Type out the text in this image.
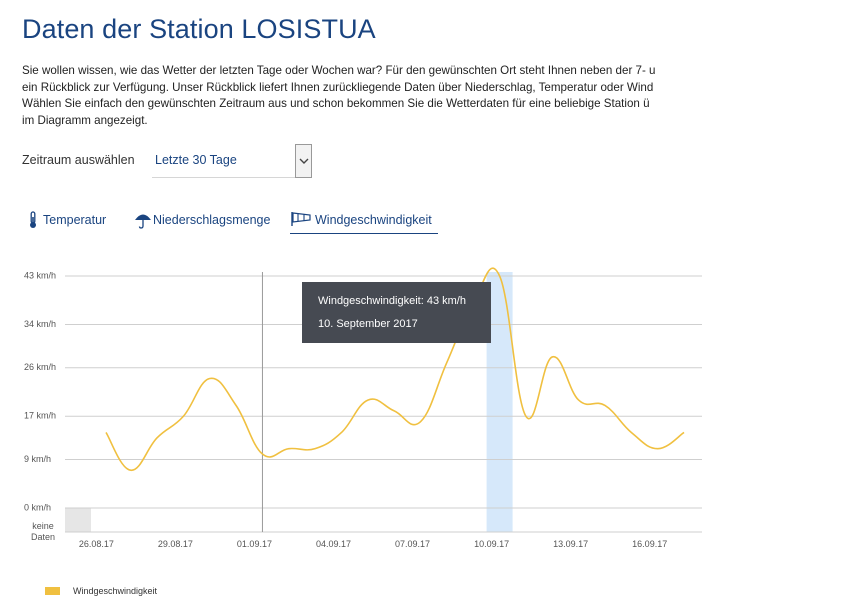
Daten der Station LOSISTUA
Sie wollen wissen, wie das Wetter der letzten Tage oder Wochen war? Für den gewünschten Ort steht Ihnen neben der 7- u
ein Rückblick zur Verfügung. Unser Rückblick liefert Ihnen zurückliegende Daten über Niederschlag, Temperatur oder Wind
Wählen Sie einfach den gewünschten Zeitraum aus und schon bekommen Sie die Wetterdaten für eine beliebige Station ü
im Diagramm angezeigt.
Zeitraum auswählen Letzte 30 Tage
Temperatur	Niederschlagsmenge	Windgeschwindigkeit
0 km/h
9 km/h
17 km/h
26 km/h
34 km/h
43 km/h
26.08.17	29.08.17	01.09.17	04.09.17	07.09.17	10.09.17	13.09.17	16.09.17
keine
Daten
Windgeschwindigkeit: 43 km/h
10. September 2017
Windgeschwindigkeit
